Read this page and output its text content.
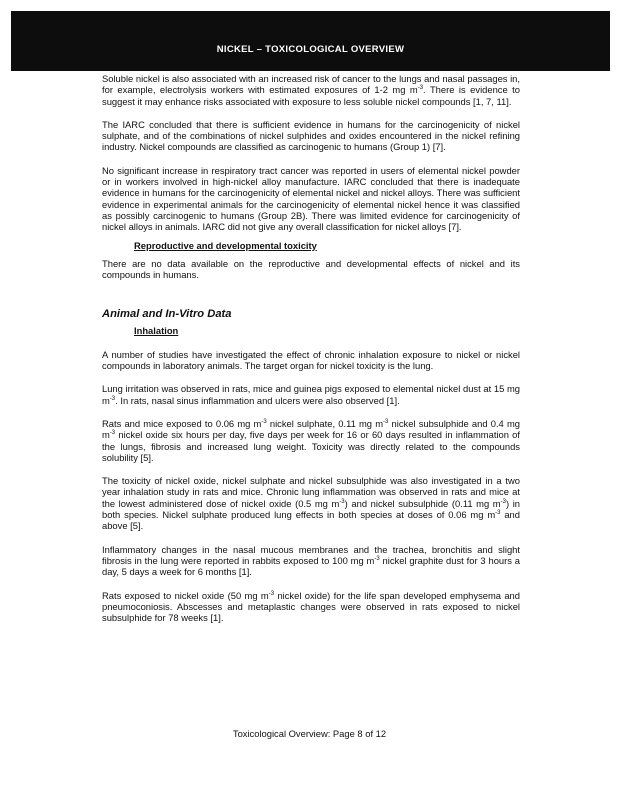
NICKEL – TOXICOLOGICAL OVERVIEW

Soluble nickel is also associated with an increased risk of cancer to the lungs and nasal passages in, for example, electrolysis workers with estimated exposures of 1-2 mg $m^{-3}$. There is evidence to suggest it may enhance risks associated with exposure to less soluble nickel compounds [1, 7, 11].

The IARC concluded that there is sufficient evidence in humans for the carcinogenicity of nickel sulphate, and of the combinations of nickel sulphides and oxides encountered in the nickel refining industry. Nickel compounds are classified as carcinogenic to humans (Group 1) [7].

No significant increase in respiratory tract cancer was reported in users of elemental nickel powder or in workers involved in high-nickel alloy manufacture. IARC concluded that there is inadequate evidence in humans for the carcinogenicity of elemental nickel and nickel alloys. There was sufficient evidence in experimental animals for the carcinogenicity of elemental nickel hence it was classified as possibly carcinogenic to humans (Group 2B). There was limited evidence for carcinogenicity of nickel alloys in animals. IARC did not give any overall classification for nickel alloys [7].

Reproductive and developmental toxicity

There are no data available on the reproductive and developmental effects of nickel and its compounds in humans.

Animal and In-Vitro Data
Inhalation

A number of studies have investigated the effect of chronic inhalation exposure to nickel or nickel compounds in laboratory animals. The target organ for nickel toxicity is the lung.

Lung irritation was observed in rats, mice and guinea pigs exposed to elemental nickel dust at 15 mg $m^{-3}$. In rats, nasal sinus inflammation and ulcers were also observed [1].

Rats and mice exposed to 0.06 mg $m^{-3}$ nickel sulphate, 0.11 mg $m^{-3}$ nickel subsulphide and 0.4 mg $m^{-3}$ nickel oxide six hours per day, five days per week for 16 or 60 days resulted in inflammation of the lungs, fibrosis and increased lung weight. Toxicity was directly related to the compounds solubility [5].

The toxicity of nickel oxide, nickel sulphate and nickel subsulphide was also investigated in a two year inhalation study in rats and mice. Chronic lung inflammation was observed in rats and mice at the lowest administered dose of nickel oxide (0.5 mg $m^{-3}$) and nickel subsulphide (0.11 mg $m^{-3}$) in both species. Nickel sulphate produced lung effects in both species at doses of 0.06 mg $m^{-3}$ and above [5].

Inflammatory changes in the nasal mucous membranes and the trachea, bronchitis and slight fibrosis in the lung were reported in rabbits exposed to 100 mg $m^{-3}$ nickel graphite dust for 3 hours a day, 5 days a week for 6 months [1].

Rats exposed to nickel oxide (50 mg $m^{-3}$ nickel oxide) for the life span developed emphysema and pneumoconiosis. Abscesses and metaplastic changes were observed in rats exposed to nickel subsulphide for 78 weeks [1].

Toxicological Overview: Page 8 of 12
